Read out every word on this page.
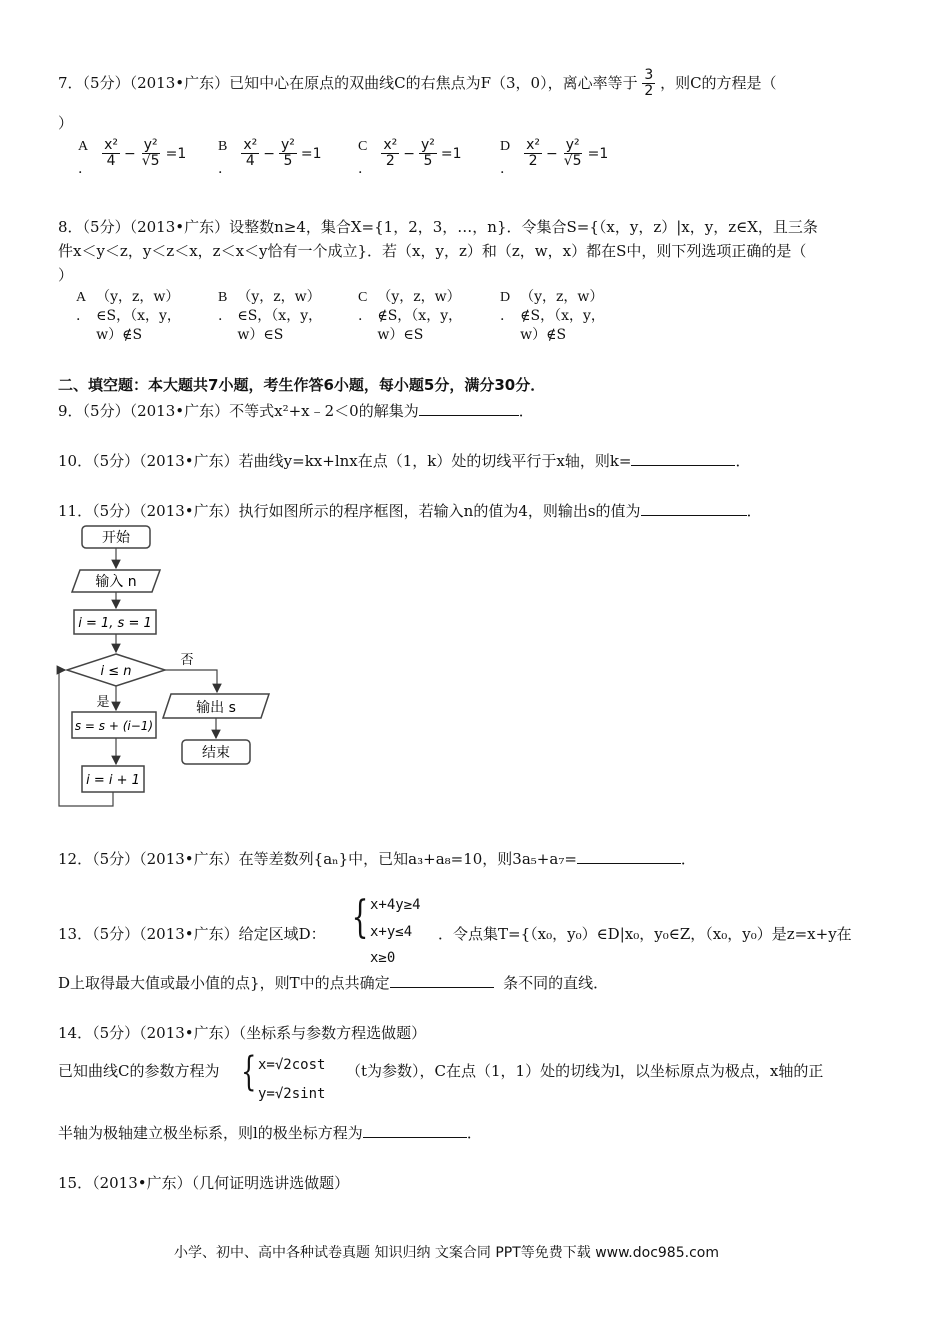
7．（5分）（2013•广东）已知中心在原点的双曲线C的右焦点为F（3，0），离心率等于 $\frac{3}{2}$ ，则C的方程是（
）
A
.	$\frac{\text{x²}}{4} - \frac{\text{y²}}{√5} =1$ B
.	$\frac{\text{x²}}{4} - \frac{\text{y²}}{5} =1$	C
.	$\frac{\text{x²}}{2} - \frac{\text{y²}}{5} =1$	D
.	$\frac{\text{x²}}{2} - \frac{\text{y²}}{√5} =1$
8．（5分）（2013•广东）设整数n≥4，集合X={1，2，3，…，n}．令集合S={（x，y，z）|x，y，z∈X，且三条
件x＜y＜z，y＜z＜x，z＜x＜y恰有一个成立}．若（x，y，z）和（z，w，x）都在S中，则下列选项正确的是（
）
A
.
（y，z，w）
∈S，（x，y，
w）∉S
B
.
（y，z，w）
∈S，（x，y，
w）∈S
C
.
（y，z，w）
∉S，（x，y，
w）∈S
D
.
（y，z，w）
∉S，（x，y，
w）∉S
二、填空题：本大题共7小题，考生作答6小题，每小题5分，满分30分．
9．（5分）（2013•广东）不等式x²+x﹣2＜0的解集为	．
10．（5分）（2013•广东）若曲线y=kx+lnx在点（1，k）处的切线平行于x轴，则k=	．
11．（5分）（2013•广东）执行如图所示的程序框图，若输入n的值为4，则输出s的值为	．
开始
输入 n
i = 1, s = 1
i ≤ n
否
输出 s
结束
是
s = s + (i−1)
i = i + 1
12．（5分）（2013•广东）在等差数列{aₙ}中，已知a₃+a₈=10，则3a₅+a₇=	．
13．（5分）（2013•广东）给定区域D： { x+4y≥4
x+y≤4
x≥0
．令点集T={（x₀，y₀）∈D|x₀，y₀∈Z，（x₀，y₀）是z=x+y在
D上取得最大值或最小值的点}，则T中的点共确定	条不同的直线．
14．（5分）（2013•广东）（坐标系与参数方程选做题）
已知曲线C的参数方程为 { x=√2cost
y=√2sint
（t为参数），C在点（1，1）处的切线为l，以坐标原点为极点，x轴的正
半轴为极轴建立极坐标系，则l的极坐标方程为	．
15．（2013•广东）（几何证明选讲选做题）
小学、初中、高中各种试卷真题 知识归纳 文案合同 PPT等免费下载 www.doc985.com
